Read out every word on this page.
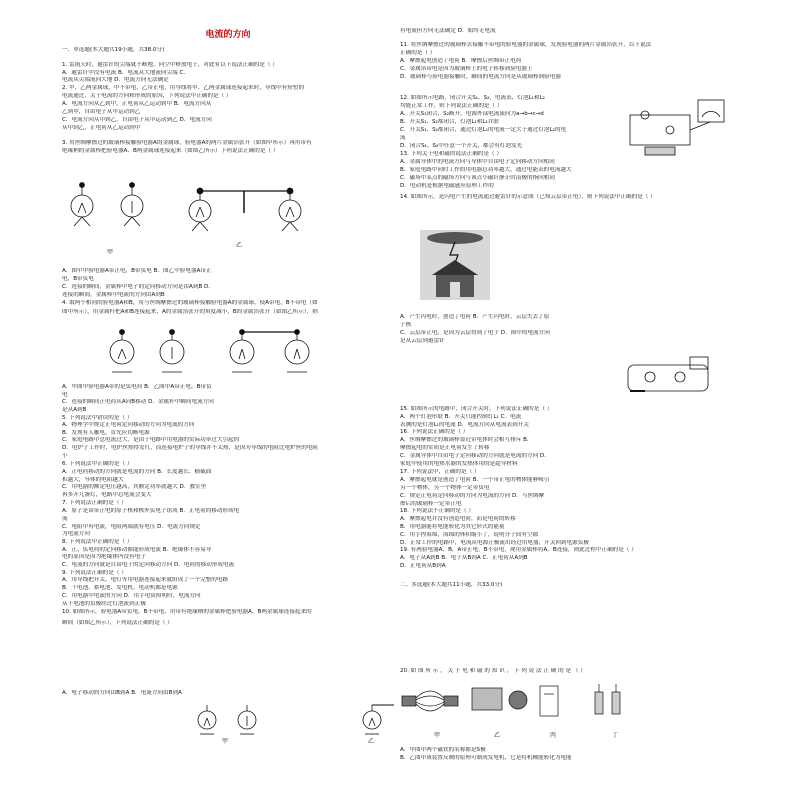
电流的方向
一、单选题(本大题共19小题，共38.0分)
1. 雷雨天时，避雷针的尖端就不断地、向空中释放电子，对此有以下说法正确的是（ ）
A．避雷针中没有电流 B．电流从大地流向尖端 C．
电流从尖端流向大地 D．电流方向无法确定
2. 甲、乙两金属球，甲不带电，乙带正电，用导线将甲、乙两金属球连接起来时，导线中有短暂的
电流通过，关于电流的方向和形成的原因，下列说法中正确的是（ ）
A．电流方向从乙到甲，正电荷从乙运动到甲 B．电流方向从
乙到甲，自由电子从甲运动到乙
C．电流方向从甲到乙，自由电子从甲运动到乙 D．电流方向
从甲到乙，正电荷从乙运动到甲
3. 用丝绸摩擦过的玻璃棒接触验电器A的金属球，验电器A的两片金属箔张开（如图甲所示）再用带有
绝缘柄的金属棒把验电器A、B两金属球连接起来（如图乙所示）下列说法正确的是（ ）
A．图甲中验电器A带正电，B带负电 B．图乙中验电器A带正
电，B带负电
C．连接的瞬间，金属棒中电子的定向移动方向是由A到B D．
连接的瞬间，金属棒中电流的方向由A到B
4. 取两个相同的验电器A和B，用与丝绸摩擦过的玻璃棒接触验电器A的金属球，使A带电，B不带电（如
图甲所示），用金属杆把A和B连接起来，A的金属箔张开的角度减小，B的金属箔张开（如图乙所示），则
A．甲图中验电器A带的是负电荷 B．乙图中A带正电，B带负
电
C．连接的瞬间正电荷从A向B移动 D．金属杆中瞬间电流方向
是从A到B
5. 下列说法中错误的是（ ）
A．物理学中规定正电荷定向移动的方向为电流的方向
B．发现有人触电，首先应切断电源
C．家庭电路中总电流过大，是由于电路中用电器的实际功率过大引起的
D．电炉子工作时，电炉丝热得发红，而连接电炉子的导线并不太热，是因为导线的电阻比电炉丝的电阻
小
6. 下列说法中正确的是（ ）
A．正电荷移动的方向就是电流的方向 B．长度越长、横截面
积越大，导体的电阻越大
C．用电器的额定电压越高，其额定功率就越大 D．教室里
再多开几盏灯，电路中总电流会变大
7. 下列说法正确的是（ ）
A．原子是由带正电的原子核和核外负电子组成 B．正电荷的移动形成电
流
C．电阻中有电流，电阻两端就有电压 D．电流方向规定
为电流方向
8. 下列说法中正确的是（ ）
A．正、负电荷的定向移动都能形成电流 B．绝缘体不容易导
电的原因是因为绝缘体内没有电子
C．电流的方向就是自由电子的定向移动方向 D．电荷的移动形成电流
9. 下列说法正确的是（ ）
A．用导线把开关、电灯等用电器连接起来就组成了一个完整的电路
B．干电池、蓄电池、发电机、电动机都是电源
C．用电器中电流的方向 D．用手电筒照明时，电流方向
从干电池的负极经过灯泡流到正极
10. 如图所示，验电器A带负电，B不带电，用带有绝缘柄的金属棒把验电器A、B两金属球连接起来的
瞬间（如图乙所示），下列说法正确的是（ ）
A．电子移动的方向由B到A B．电流方向由B到A
甲
乙
甲	乙
有电流但方向无法确定 D．始终无电流
11. 将丝绸摩擦过的玻璃棒去接触不带电的验电器的金属球，发现验电器的两片金属箔张开，以下说法
正确的是（ ）
A．摩擦起电创造了电荷 B．摩擦后丝绸带正电荷
C．金属箔带电是因为玻璃棒上的电子转移到验电器上
D．玻璃棒与验电器接触时，瞬间的电流方向是从玻璃棒到验电器
12. 如图所示电路，闭合开关S₁、S₂，电流表、灯泡L₁和L₂
均能正常工作，则下列说法正确的是（ ）
A．开关S₁闭合，S₂断开，电源外部电流流向为a→b→c→d
B．开关S₁、S₂都闭合，灯泡L₁和L₂并联
C．开关S₁、S₂都闭合，通过灯泡L₁的电流一定大于通过灯泡L₂的电
流
D．闭合S₁、S₂中任意一个开关，都会有灯泡发光
13. 下列关于电和磁的说法正确的是（ ）
A．金属导体中的电流方向与导体中自由电子定向移动方向相同
B．家庭电路中同时工作的用电器总功率越大，通过电能表的电流越大
C．磁场中某点的磁场方向与该点小磁针静止时南极的指向相同
D．电动机是根据电磁感应原理工作的
14. 如图所示，是闪电产生的电流通过避雷针的示意图（已知云层带正电），则下列说法中正确的是（ ）
A．产生闪电时，创造了电荷 B．产生闪电时，云层失去了原
子核
C．云层带正电，是因为云层得到了电子 D．图中的电流方向
是从云层到避雷针
15. 如图所示的电路中，闭合开关时，下列说法正确的是（ ）
A．两个灯泡串联 B．开关只能控制灯L₁ C．电流
表测的是灯泡L₁的电流 D．电流方向从电流表到开关
16. 下列说法正确的是（ ）
A．丝绸摩擦过的玻璃棒靠近带电体时会相互排斥 B．
摩擦起电的实质是正电荷发生了转移
C．金属导体中自由电子定向移动的方向就是电流的方向 D．
家庭中使用的电热水器的发热体用的是超导材料
17. 下列说法中，正确的是（ ）
A．摩擦起电就是创造了电荷 B．一个带正电的物体能够吸引
另一个物体，另一个物体一定带负电
C．规定正电荷定向移动的方向为电流的方向 D．与丝绸摩
擦后的玻璃棒一定带正电
18. 下列说法不正确的是（ ）
A．摩擦起电并没有创造电荷，而是电荷的转移
B．用电器能将电能转化为其它形式的能量
C．用手捏海绵，海绵的体积缩小了，说明分子间有空隙
D．正常工作的电路中，电流从电源正极流出经过用电器，开关回到电源负极
19. 有两验电器A、B，A带正电，B不带电，现用金属棒将A、B连接，则此过程中正确的是（ ）
A．电子从A到B B．电子从B到A C．正电荷从A到B
D．正电荷从B到A
二、多选题(本大题共11小题，共33.0分)
20. 如 图 所 示 ， 关 于 电 和 磁 的 知 识 ， 下 列 说 法 正 确 的 是 （ ）
A．甲图中两个磁铁的名称都是S极
B．乙图中该装置反映的原理可制成发电机，它是将机械能转化为电能
甲	乙	丙	丁
